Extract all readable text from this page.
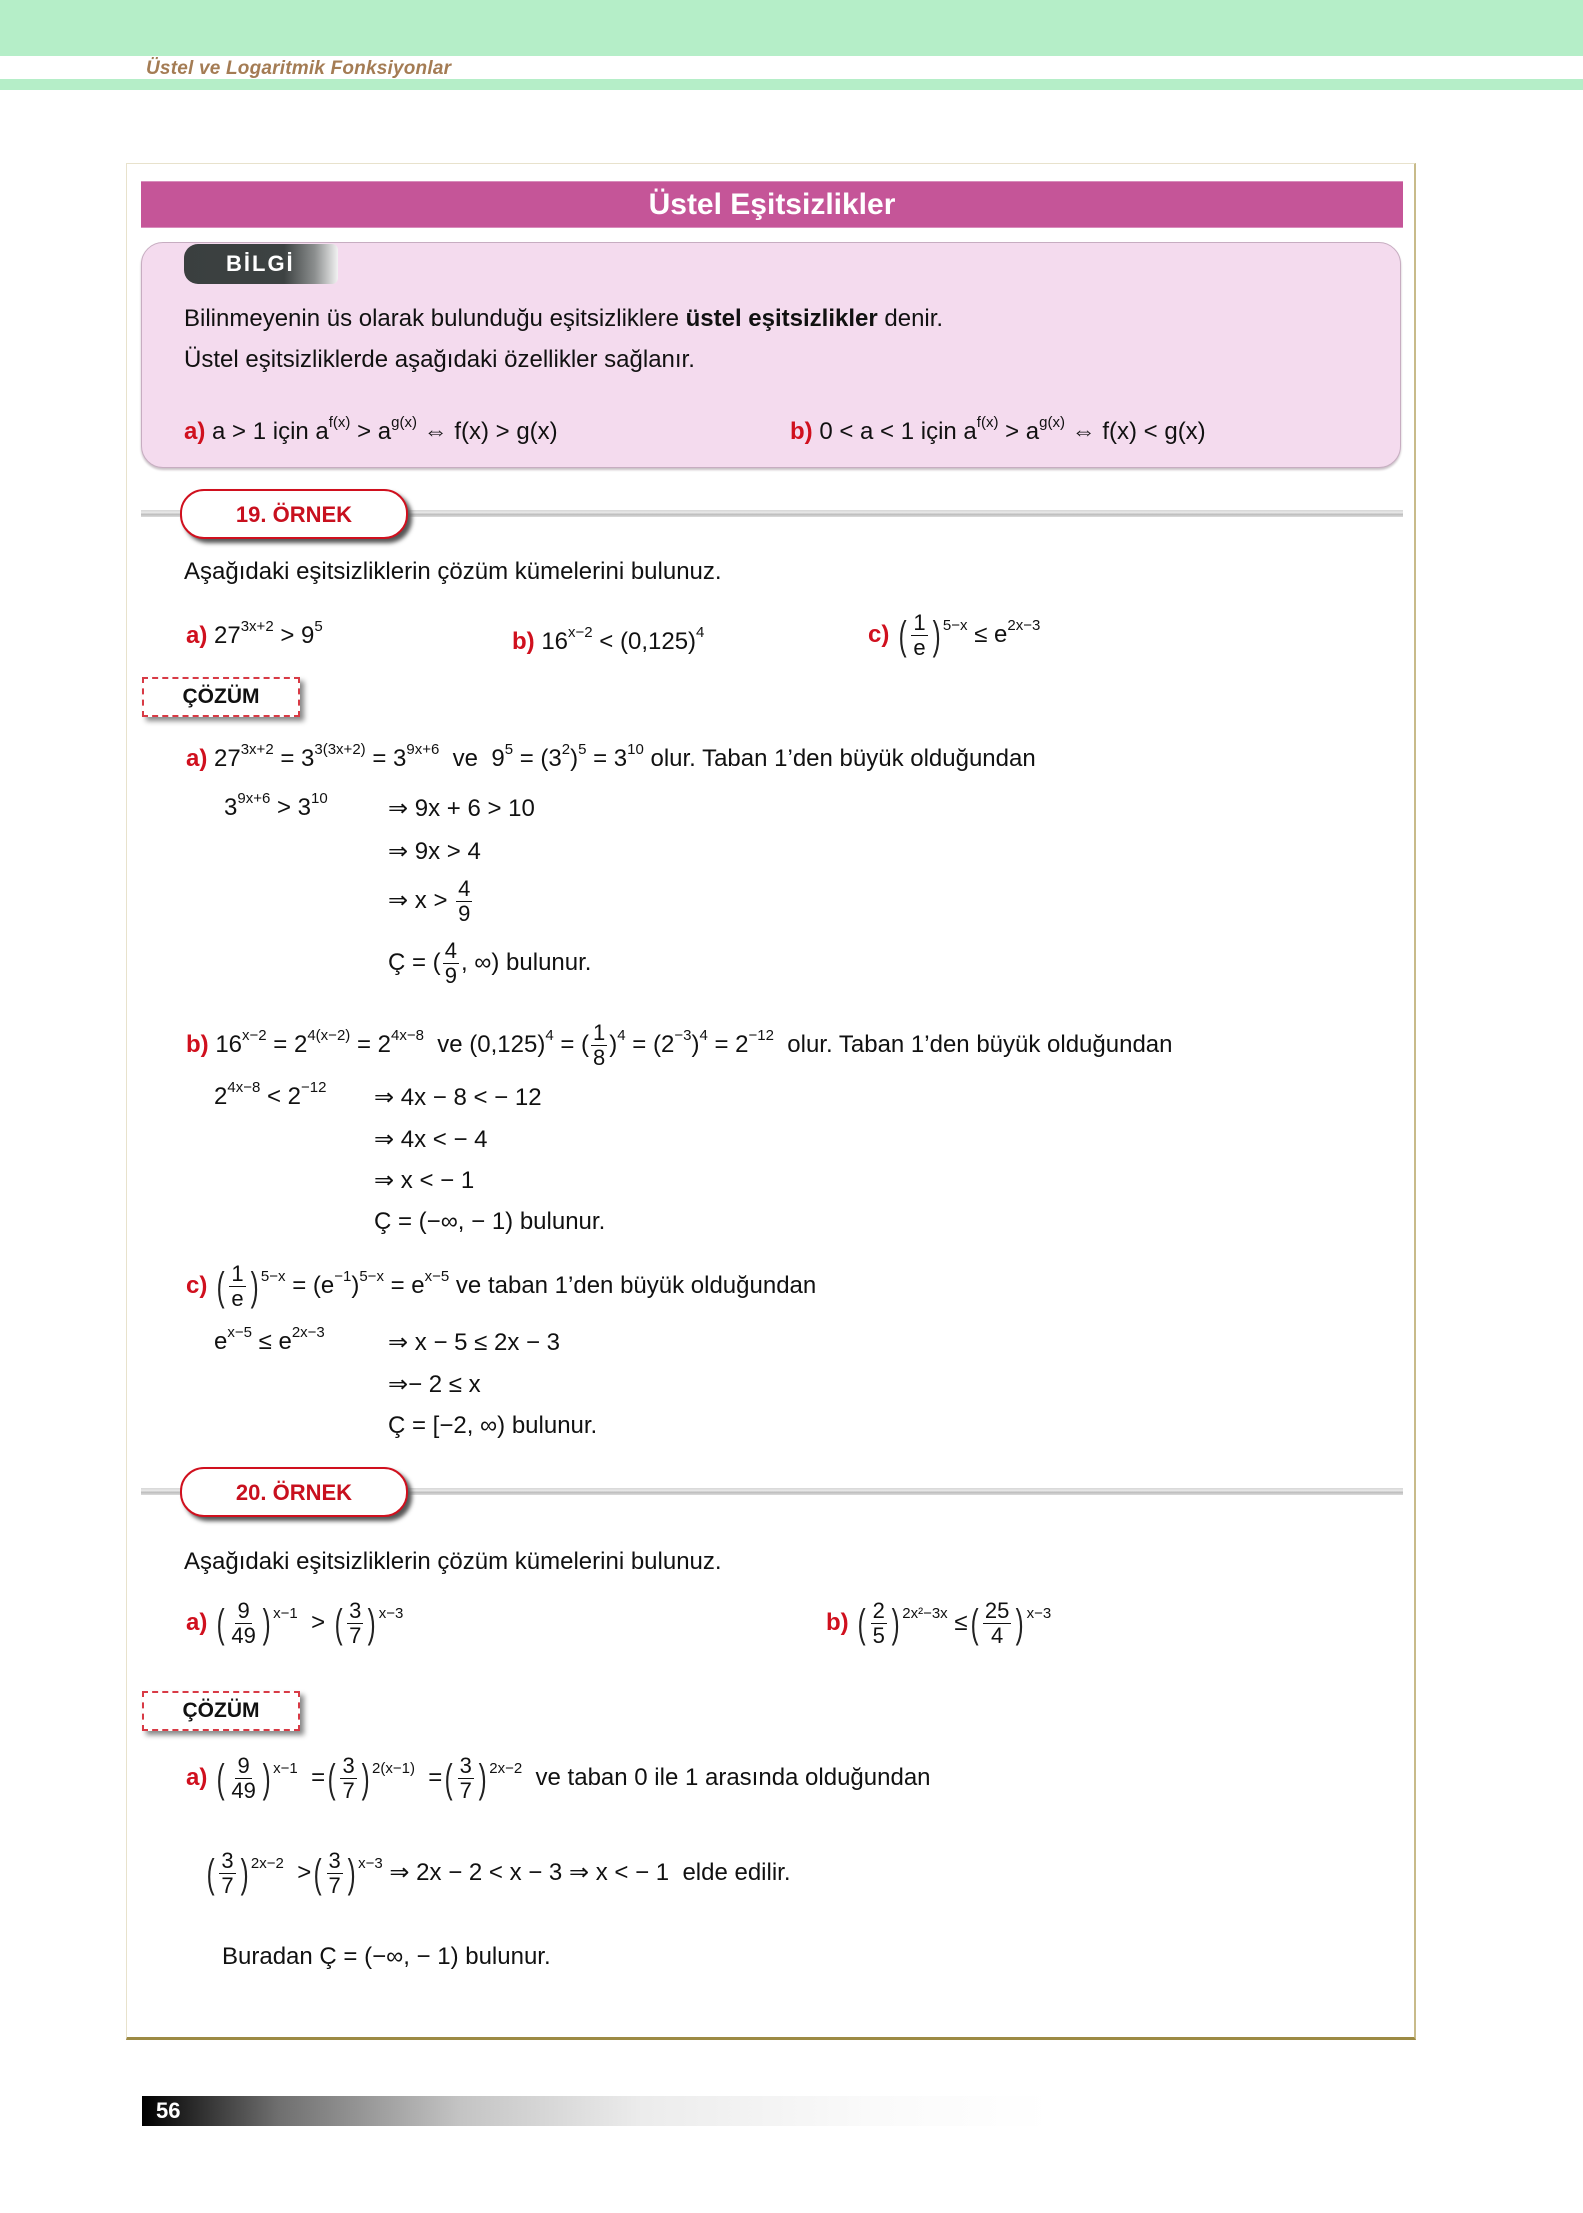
Üstel ve Logaritmik Fonksiyonlar
Üstel Eşitsizlikler
BİLGİ
Bilinmeyenin üs olarak bulunduğu eşitsizliklere üstel eşitsizlikler denir.
Üstel eşitsizliklerde aşağıdaki özellikler sağlanır.
a) a > 1 için $a^{f(x)} > a^{g(x)}$ ⇔ f(x) > g(x)	b) 0 < a < 1 için $a^{f(x)} > a^{g(x)}$ ⇔ f(x) < g(x)
19. ÖRNEK
Aşağıdaki eşitsizliklerin çözüm kümelerini bulunuz.
a) $27^{3x+2} > 9^5$
b) $16^{x-2} < (0,125)^4$	c) ( $\frac{1}{e}$ ) $^{5-x} \le e^{2x-3}$
ÇÖZÜM
a) $27^{3x+2} = 3^{3(3x+2)} = 3^{9x+6}$  ve  $9^5 = (3^2)^5 = 3^{10}$ olur. Taban 1’den büyük olduğundan
$3^{9x+6} > 3^{10}$	⇒ 9x + 6 > 10
⇒ 9x > 4
⇒ $x > \frac{4}{9}$
Ç = ( $\frac{4}{9}$ , ∞) bulunur.
b) $16^{x-2} = 2^{4(x-2)} = 2^{4x-8}$  ve $(0,125)^4$ = ( $\frac{1}{8} )^4 = (2^{-3})^4 = 2^{-12}$  olur. Taban 1’den büyük olduğundan
$2^{4x-8} < 2^{-12}$ ⇒ 4x − 8 < − 12
⇒ 4x < − 4
⇒ x < − 1
Ç = (−∞, − 1) bulunur.
c) ( $\frac{1}{e}$ ) $^{5-x} = (e^{-1})^{5-x} = e^{x-5}$ ve taban 1’den büyük olduğundan
$e^{x-5} \le e^{2x-3}$	⇒ x − 5 ≤ 2x − 3
⇒− 2 ≤ x
Ç = [−2, ∞) bulunur.
20. ÖRNEK
Aşağıdaki eşitsizliklerin çözüm kümelerini bulunuz.
a) ( $\frac{9}{49}$ ) $^{x-1}$ > ( $\frac{3}{7}$ ) $^{x-3}$	b) ( $\frac{2}{5}$ ) $^{2x^2-3x}$ ≤( $\frac{25}{4}$ ) $^{x-3}$
ÇÖZÜM
a) ( $\frac{9}{49}$ ) $^{x-1}$  =( $\frac{3}{7}$ ) $^{2(x-1)}$  =( $\frac{3}{7}$ ) $^{2x-2}$ ve taban 0 ile 1 arasında olduğundan
( $\frac{3}{7}$ ) $^{2x-2}$ >( $\frac{3}{7}$ ) $^{x-3}$ ⇒ 2x − 2 < x − 3 ⇒ x < − 1  elde edilir.
Buradan Ç = (−∞, − 1) bulunur.
56
